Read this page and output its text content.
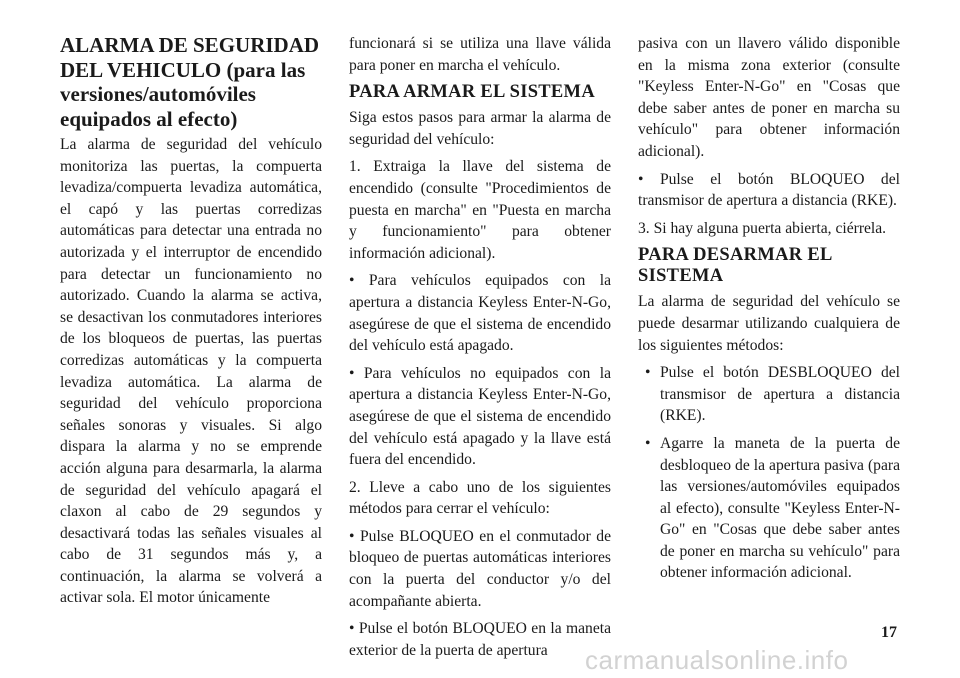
ALARMA DE SEGURIDAD DEL VEHICULO (para las versiones/automóviles equipados al efecto)

La alarma de seguridad del vehículo monitoriza las puertas, la compuerta levadiza/compuerta levadiza automática, el capó y las puertas corredizas automáticas para detectar una entrada no autorizada y el interruptor de encendido para detectar un funcionamiento no autorizado. Cuando la alarma se activa, se desactivan los conmutadores interiores de los bloqueos de puertas, las puertas corredizas automáticas y la compuerta levadiza automática. La alarma de seguridad del vehículo proporciona señales sonoras y visuales. Si algo dispara la alarma y no se emprende acción alguna para desarmarla, la alarma de seguridad del vehículo apagará el claxon al cabo de 29 segundos y desactivará todas las señales visuales al cabo de 31 segundos más y, a continuación, la alarma se volverá a activar sola. El motor únicamente

funcionará si se utiliza una llave válida para poner en marcha el vehículo.

PARA ARMAR EL SISTEMA

Siga estos pasos para armar la alarma de seguridad del vehículo:

1. Extraiga la llave del sistema de encendido (consulte "Procedimientos de puesta en marcha" en "Puesta en marcha y funcionamiento" para obtener información adicional).

• Para vehículos equipados con la apertura a distancia Keyless Enter-N-Go, asegúrese de que el sistema de encendido del vehículo está apagado.

• Para vehículos no equipados con la apertura a distancia Keyless Enter-N-Go, asegúrese de que el sistema de encendido del vehículo está apagado y la llave está fuera del encendido.

2. Lleve a cabo uno de los siguientes métodos para cerrar el vehículo:

• Pulse BLOQUEO en el conmutador de bloqueo de puertas automáticas interiores con la puerta del conductor y/o del acompañante abierta.

• Pulse el botón BLOQUEO en la maneta exterior de la puerta de apertura

pasiva con un llavero válido disponible en la misma zona exterior (consulte "Keyless Enter-N-Go" en "Cosas que debe saber antes de poner en marcha su vehículo" para obtener información adicional).

• Pulse el botón BLOQUEO del transmisor de apertura a distancia (RKE).

3. Si hay alguna puerta abierta, ciérrela.

PARA DESARMAR EL SISTEMA

La alarma de seguridad del vehículo se puede desarmar utilizando cualquiera de los siguientes métodos:

• Pulse el botón DESBLOQUEO del transmisor de apertura a distancia (RKE).
• Agarre la maneta de la puerta de desbloqueo de la apertura pasiva (para las versiones/automóviles equipados al efecto), consulte "Keyless Enter-N-Go" en "Cosas que debe saber antes de poner en marcha su vehículo" para obtener información adicional.
17
carmanualsonline.info
